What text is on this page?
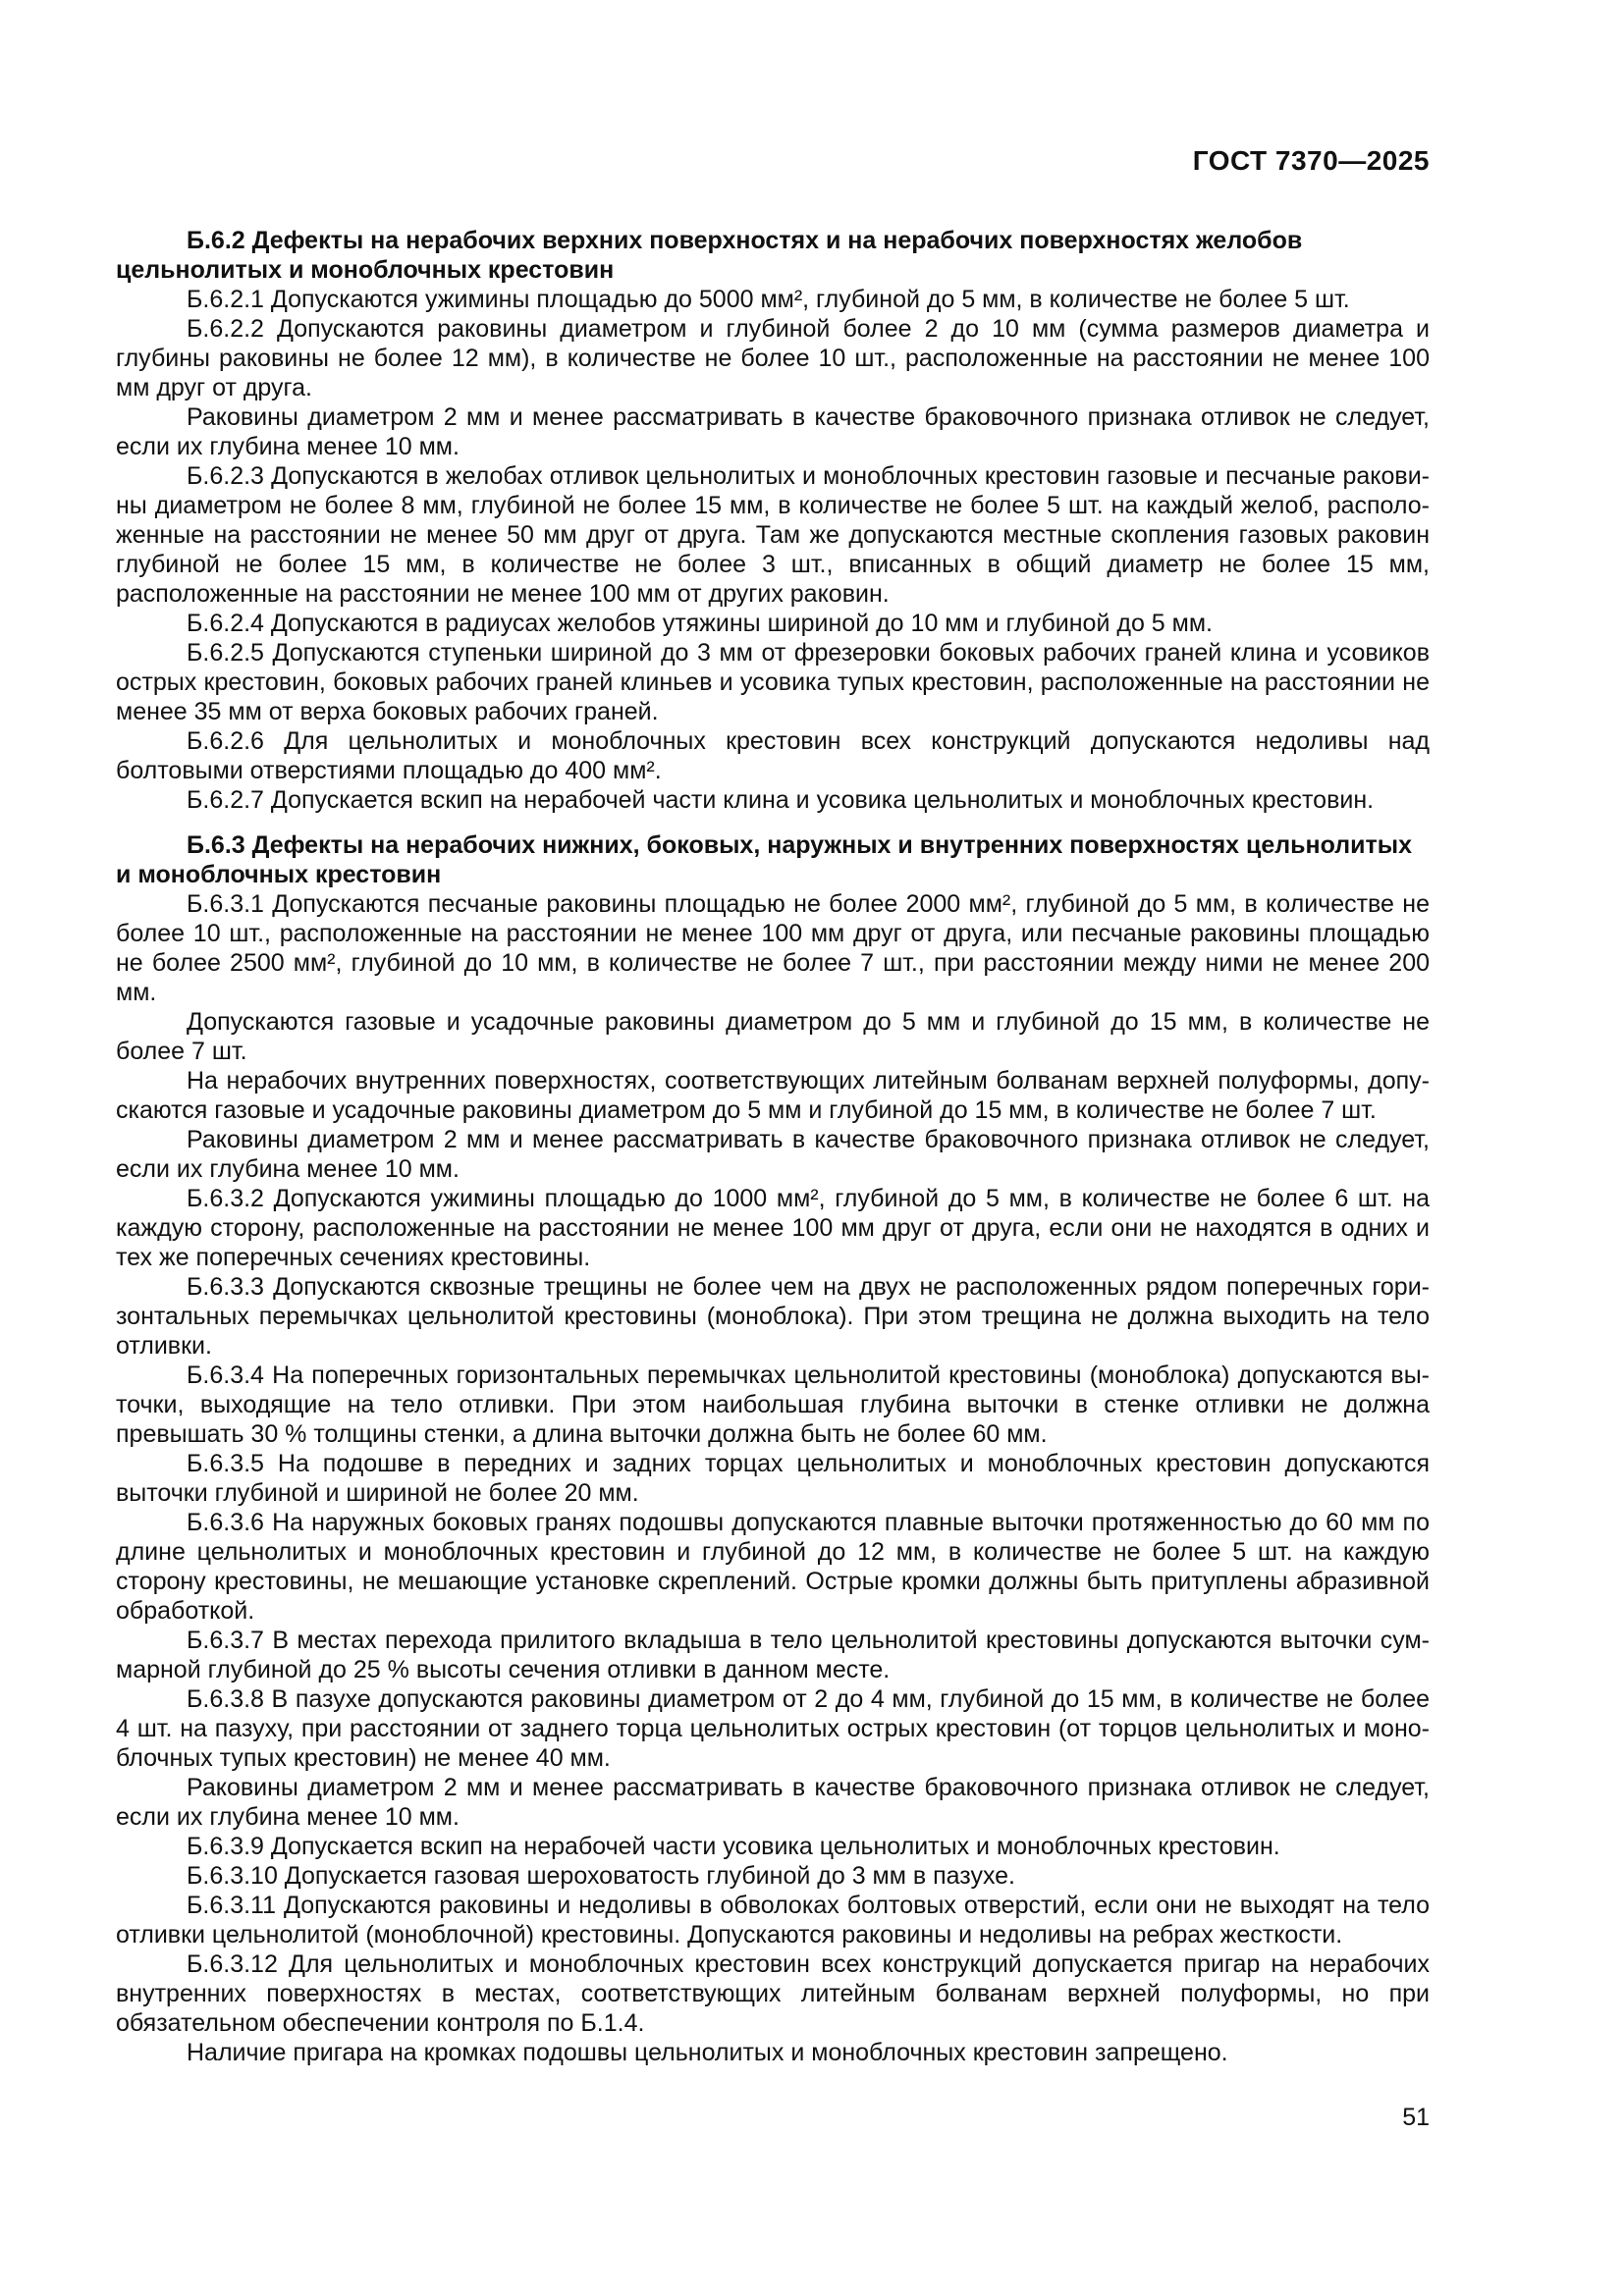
ГОСТ 7370—2025
Б.6.2 Дефекты на нерабочих верхних поверхностях и на нерабочих поверхностях желобов цельнолитых и моноблочных крестовин

Б.6.2.1 Допускаются ужимины площадью до 5000 мм², глубиной до 5 мм, в количестве не более 5 шт.

Б.6.2.2 Допускаются раковины диаметром и глубиной более 2 до 10 мм (сумма размеров диаметра и глубины раковины не более 12 мм), в количестве не более 10 шт., расположенные на расстоянии не менее 100 мм друг от друга.

Раковины диаметром 2 мм и менее рассматривать в качестве браковочного признака отливок не следует, если их глубина менее 10 мм.

Б.6.2.3 Допускаются в желобах отливок цельнолитых и моноблочных крестовин газовые и песчаные раковины диаметром не более 8 мм, глубиной не более 15 мм, в количестве не более 5 шт. на каждый желоб, расположенные на расстоянии не менее 50 мм друг от друга. Там же допускаются местные скопления газовых раковин глубиной не более 15 мм, в количестве не более 3 шт., вписанных в общий диаметр не более 15 мм, расположенные на расстоянии не менее 100 мм от других раковин.

Б.6.2.4 Допускаются в радиусах желобов утяжины шириной до 10 мм и глубиной до 5 мм.

Б.6.2.5 Допускаются ступеньки шириной до 3 мм от фрезеровки боковых рабочих граней клина и усовиков острых крестовин, боковых рабочих граней клиньев и усовика тупых крестовин, расположенные на расстоянии не менее 35 мм от верха боковых рабочих граней.

Б.6.2.6 Для цельнолитых и моноблочных крестовин всех конструкций допускаются недоливы над болтовыми отверстиями площадью до 400 мм².

Б.6.2.7 Допускается вскип на нерабочей части клина и усовика цельнолитых и моноблочных крестовин.

Б.6.3 Дефекты на нерабочих нижних, боковых, наружных и внутренних поверхностях цельнолитых и моноблочных крестовин

Б.6.3.1 Допускаются песчаные раковины площадью не более 2000 мм², глубиной до 5 мм, в количестве не более 10 шт., расположенные на расстоянии не менее 100 мм друг от друга, или песчаные раковины площадью не более 2500 мм², глубиной до 10 мм, в количестве не более 7 шт., при расстоянии между ними не менее 200 мм.

Допускаются газовые и усадочные раковины диаметром до 5 мм и глубиной до 15 мм, в количестве не более 7 шт.

На нерабочих внутренних поверхностях, соответствующих литейным болванам верхней полуформы, допускаются газовые и усадочные раковины диаметром до 5 мм и глубиной до 15 мм, в количестве не более 7 шт.

Раковины диаметром 2 мм и менее рассматривать в качестве браковочного признака отливок не следует, если их глубина менее 10 мм.

Б.6.3.2 Допускаются ужимины площадью до 1000 мм², глубиной до 5 мм, в количестве не более 6 шт. на каждую сторону, расположенные на расстоянии не менее 100 мм друг от друга, если они не находятся в одних и тех же поперечных сечениях крестовины.

Б.6.3.3 Допускаются сквозные трещины не более чем на двух не расположенных рядом поперечных горизонтальных перемычках цельнолитой крестовины (моноблока). При этом трещина не должна выходить на тело отливки.

Б.6.3.4 На поперечных горизонтальных перемычках цельнолитой крестовины (моноблока) допускаются выточки, выходящие на тело отливки. При этом наибольшая глубина выточки в стенке отливки не должна превышать 30 % толщины стенки, а длина выточки должна быть не более 60 мм.

Б.6.3.5 На подошве в передних и задних торцах цельнолитых и моноблочных крестовин допускаются выточки глубиной и шириной не более 20 мм.

Б.6.3.6 На наружных боковых гранях подошвы допускаются плавные выточки протяженностью до 60 мм по длине цельнолитых и моноблочных крестовин и глубиной до 12 мм, в количестве не более 5 шт. на каждую сторону крестовины, не мешающие установке скреплений. Острые кромки должны быть притуплены абразивной обработкой.

Б.6.3.7 В местах перехода прилитого вкладыша в тело цельнолитой крестовины допускаются выточки суммарной глубиной до 25 % высоты сечения отливки в данном месте.

Б.6.3.8 В пазухе допускаются раковины диаметром от 2 до 4 мм, глубиной до 15 мм, в количестве не более 4 шт. на пазуху, при расстоянии от заднего торца цельнолитых острых крестовин (от торцов цельнолитых и моноблочных тупых крестовин) не менее 40 мм.

Раковины диаметром 2 мм и менее рассматривать в качестве браковочного признака отливок не следует, если их глубина менее 10 мм.

Б.6.3.9 Допускается вскип на нерабочей части усовика цельнолитых и моноблочных крестовин.

Б.6.3.10 Допускается газовая шероховатость глубиной до 3 мм в пазухе.

Б.6.3.11 Допускаются раковины и недоливы в обволоках болтовых отверстий, если они не выходят на тело отливки цельнолитой (моноблочной) крестовины. Допускаются раковины и недоливы на ребрах жесткости.

Б.6.3.12 Для цельнолитых и моноблочных крестовин всех конструкций допускается пригар на нерабочих внутренних поверхностях в местах, соответствующих литейным болванам верхней полуформы, но при обязательном обеспечении контроля по Б.1.4.

Наличие пригара на кромках подошвы цельнолитых и моноблочных крестовин запрещено.

51
